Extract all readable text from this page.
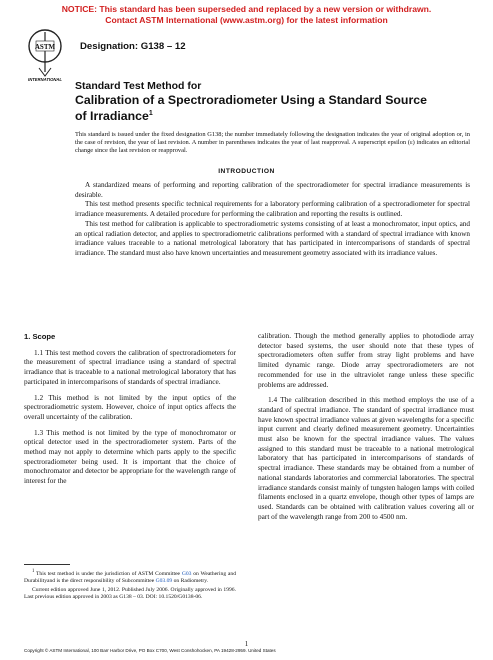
NOTICE: This standard has been superseded and replaced by a new version or withdrawn.
Contact ASTM International (www.astm.org) for the latest information
ASTM
INTERNATIONAL
Designation: G138 – 12
Standard Test Method for
Calibration of a Spectroradiometer Using a Standard Source
of Irradiance$^1$
This standard is issued under the fixed designation G138; the number immediately following the designation indicates the year of original adoption or, in the case of revision, the year of last revision. A number in parentheses indicates the year of last reapproval. A superscript epsilon (ε) indicates an editorial change since the last revision or reapproval.
INTRODUCTION

A standardized means of performing and reporting calibration of the spectroradiometer for spectral irradiance measurements is desirable.

This test method presents specific technical requirements for a laboratory performing calibration of a spectroradiometer for spectral irradiance measurements. A detailed procedure for performing the calibration and reporting the results is outlined.

This test method for calibration is applicable to spectroradiometric systems consisting of at least a monochromator, input optics, and an optical radiation detector, and applies to spectroradiometric calibrations performed with a standard of spectral irradiance with known irradiance values traceable to a national metrological laboratory that has participated in intercomparisons of standards of spectral irradiance. The standard must also have known uncertainties and measurement geometry associated with its irradiance values.

1. Scope

1.1 This test method covers the calibration of spectroradiometers for the measurement of spectral irradiance using a standard of spectral irradiance that is traceable to a national metrological laboratory that has participated in intercomparisons of standards of spectral irradiance.

1.2 This method is not limited by the input optics of the spectroradiometric system. However, choice of input optics affects the overall uncertainty of the calibration.

1.3 This method is not limited by the type of monochromator or optical detector used in the spectroradiometer system. Parts of the method may not apply to determine which parts apply to the specific spectroradiometer being used. It is important that the choice of monochromator and detector be appropriate for the wavelength range of interest for the

calibration. Though the method generally applies to photodiode array detector based systems, the user should note that these types of spectroradiometers often suffer from stray light problems and have limited dynamic range. Diode array spectroradiometers are not recommended for use in the ultraviolet range unless these specific problems are addressed.

1.4 The calibration described in this method employs the use of a standard of spectral irradiance. The standard of spectral irradiance must have known spectral irradiance values at given wavelengths for a specific input current and clearly defined measurement geometry. Uncertainties must also be known for the spectral irradiance values. The values assigned to this standard must be traceable to a national metrological laboratory that has participated in intercomparisons of standards of spectral irradiance. These standards may be obtained from a number of national standards laboratories and commercial laboratories. The spectral irradiance standards consist mainly of tungsten halogen lamps with coiled filaments enclosed in a quartz envelope, though other types of lamps are used. Standards can be obtained with calibration values covering all or part of the wavelength range from 200 to 4500 nm.

$^1$ This test method is under the jurisdiction of ASTM Committee G03 on Weathering and Durabilityand is the direct responsibility of Subcommittee G03.09 on Radiometry.

Current edition approved June 1, 2012. Published July 2006. Originally approved in 1996. Last previous edition approved in 2003 as G138 – 03. DOI: 10.1520/G0138-06.

1
Copyright © ASTM International, 100 Barr Harbor Drive, PO Box C700, West Conshohocken, PA 19428-2959. United States
